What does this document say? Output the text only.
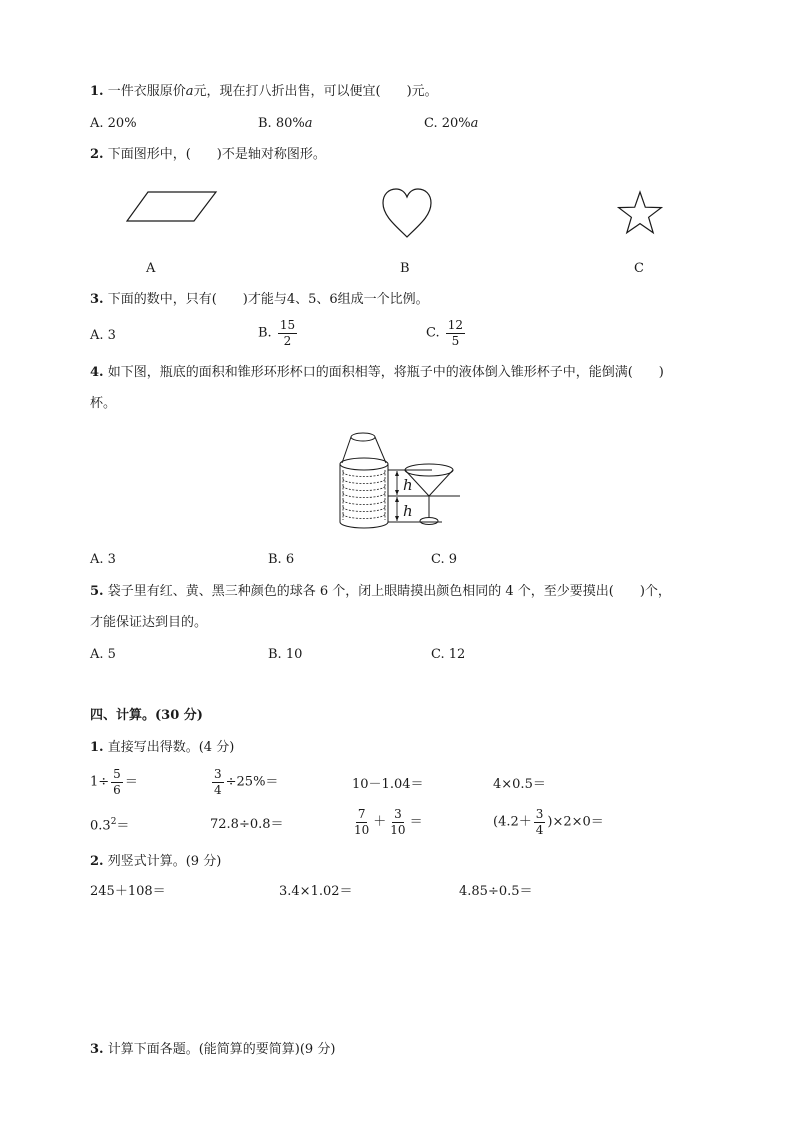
1. 一件衣服原价a元，现在打八折出售，可以便宜(　　)元。
A. 20%	B. 80%a	C. 20%a
2. 下面图形中，(　　)不是轴对称图形。
A	B	C
3. 下面的数中，只有(　　)才能与4、5、6组成一个比例。
A. 3	B. $\frac{15}{2}$	C. $\frac{12}{5}$
4. 如下图，瓶底的面积和锥形环形杯口的面积相等，将瓶子中的液体倒入锥形杯子中，能倒满(　　)
杯。
h
h
A. 3	B. 6	C. 9
5. 袋子里有红、黄、黑三种颜色的球各 6 个，闭上眼睛摸出颜色相同的 4 个，至少要摸出(　　)个，
才能保证达到目的。
A. 5	B. 10	C. 12
四、计算。(30 分)
1. 直接写出得数。(4 分)
$1\div \frac{5}{6}$ ＝	$\frac{3}{4} \div 25\%=$	10－1.04＝	4×0.5＝
$0.3^2=$	72.8÷0.8＝	$\frac{7}{10} + \frac{3}{10}$ ＝	$(4.2+ \frac{3}{4} )\times 2\times 0=$
2. 列竖式计算。(9 分)
245＋108＝	3.4×1.02＝	4.85÷0.5＝
3. 计算下面各题。(能简算的要简算)(9 分)
